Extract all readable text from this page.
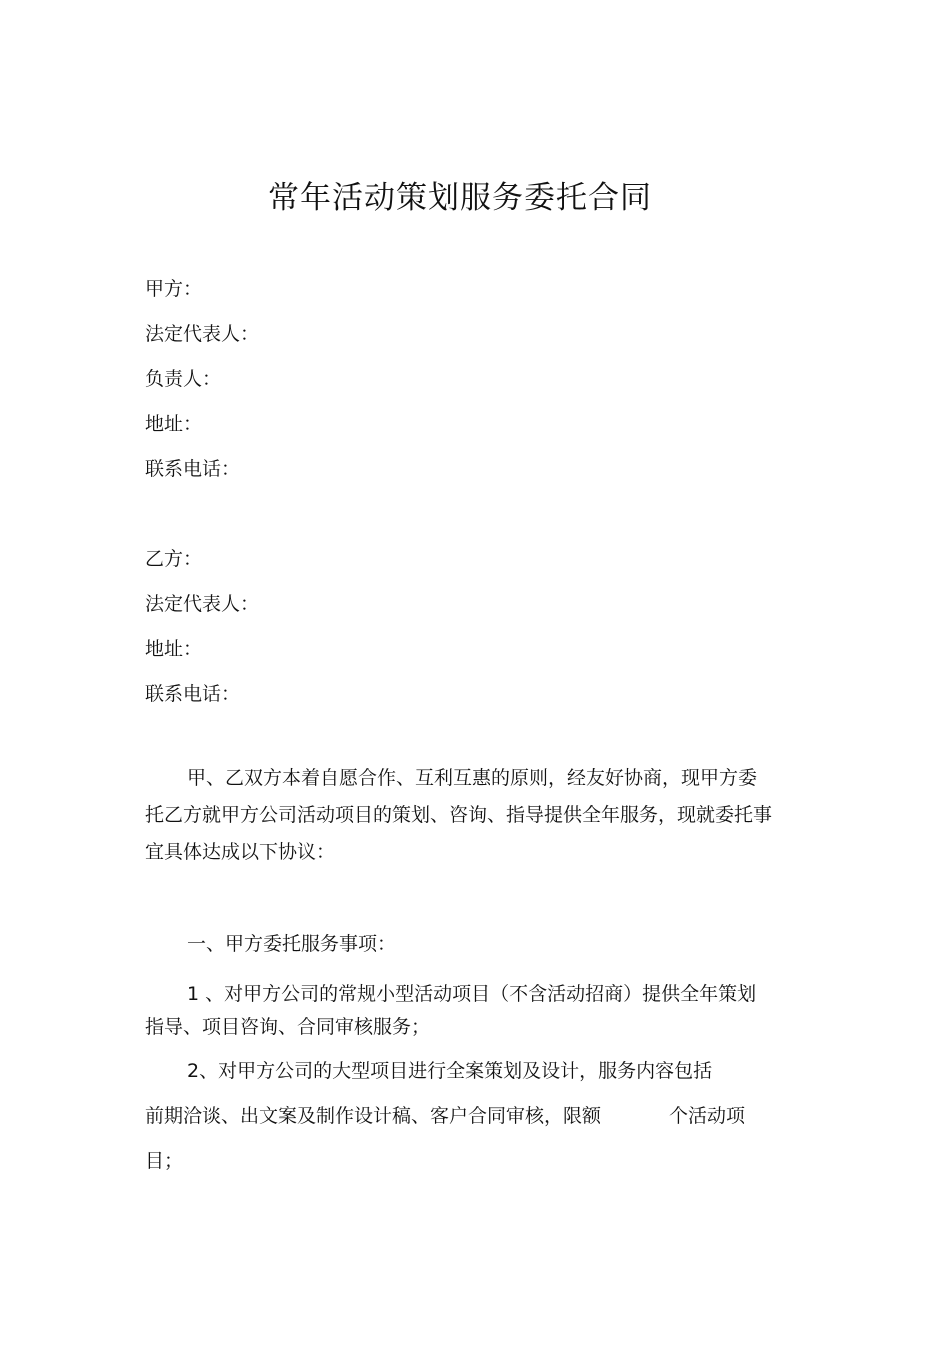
常年活动策划服务委托合同
甲方：
法定代表人：
负责人：
地址：
联系电话：
乙方：
法定代表人：
地址：
联系电话：
甲、乙双方本着自愿合作、互利互惠的原则，经友好协商，现甲方委托乙方就甲方公司活动项目的策划、咨询、指导提供全年服务，现就委托事宜具体达成以下协议：
一、甲方委托服务事项：
1 、对甲方公司的常规小型活动项目（不含活动招商）提供全年策划指导、项目咨询、合同审核服务；
2、对甲方公司的大型项目进行全案策划及设计，服务内容包括
前期洽谈、出文案及制作设计稿、客户合同审核，限额	个活动项
目；
